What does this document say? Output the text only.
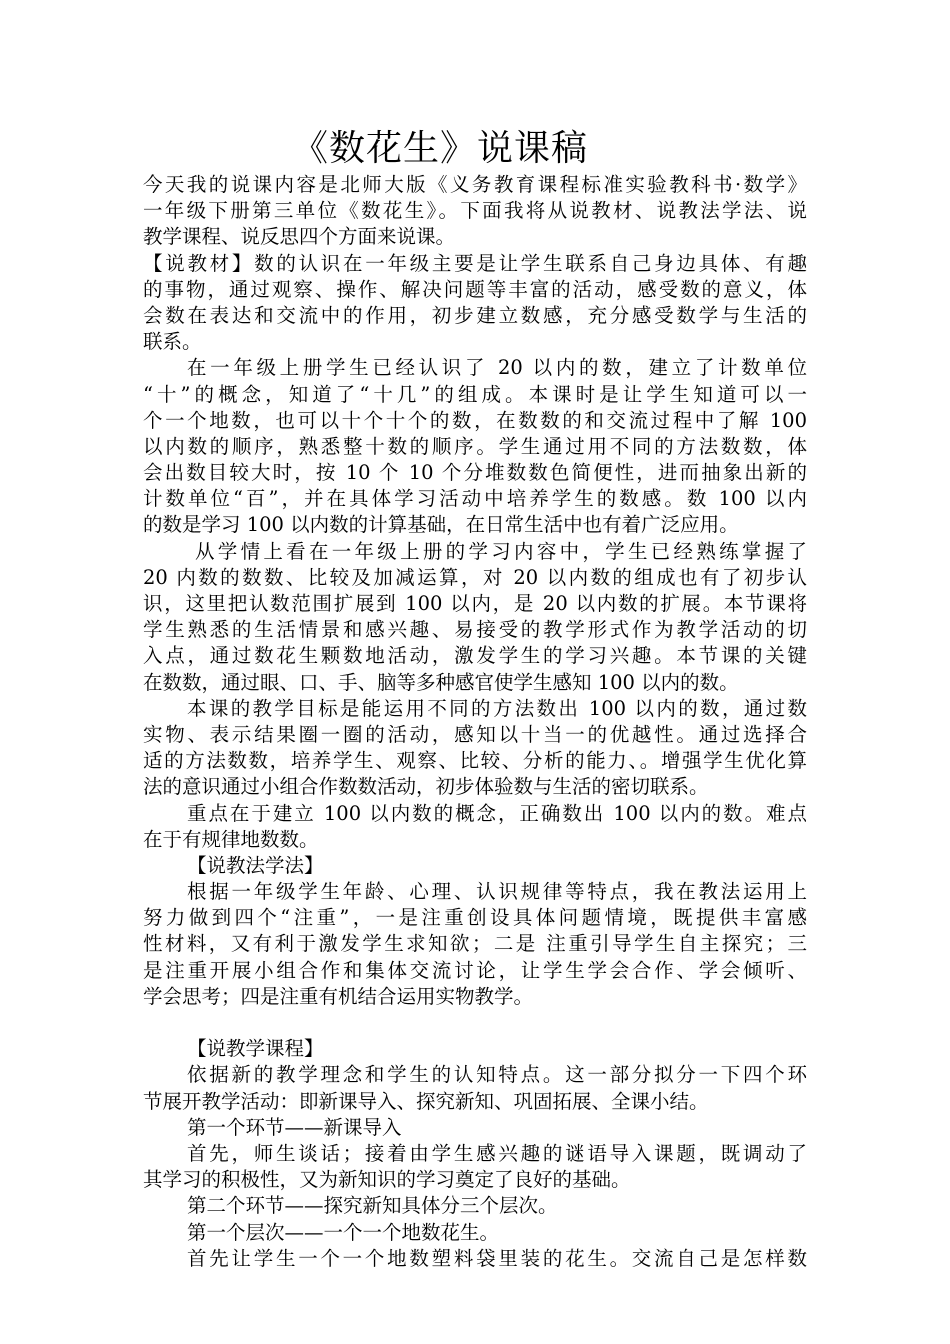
《数花生》说课稿
今天我的说课内容是北师大版《义务教育课程标准实验教科书·数学》
一年级下册第三单位《数花生》。下面我将从说教材、说教法学法、说
教学课程、说反思四个方面来说课。
【说教材】数的认识在一年级主要是让学生联系自己身边具体、有趣
的事物，通过观察、操作、解决问题等丰富的活动，感受数的意义，体
会数在表达和交流中的作用，初步建立数感，充分感受数学与生活的
联系。
在一年级上册学生已经认识了 20 以内的数，建立了计数单位
“十”的概念，知道了“十几”的组成。本课时是让学生知道可以一
个一个地数，也可以十个十个的数，在数数的和交流过程中了解 100
以内数的顺序，熟悉整十数的顺序。学生通过用不同的方法数数，体
会出数目较大时，按 10 个 10 个分堆数数色简便性，进而抽象出新的
计数单位“百”，并在具体学习活动中培养学生的数感。数 100 以内
的数是学习 100 以内数的计算基础，在日常生活中也有着广泛应用。
从学情上看在一年级上册的学习内容中，学生已经熟练掌握了
20 内数的数数、比较及加减运算，对 20 以内数的组成也有了初步认
识，这里把认数范围扩展到 100 以内，是 20 以内数的扩展。本节课将
学生熟悉的生活情景和感兴趣、易接受的教学形式作为教学活动的切
入点，通过数花生颗数地活动，激发学生的学习兴趣。本节课的关键
在数数，通过眼、口、手、脑等多种感官使学生感知 100 以内的数。
本课的教学目标是能运用不同的方法数出 100 以内的数，通过数
实物、表示结果圈一圈的活动，感知以十当一的优越性。通过选择合
适的方法数数，培养学生、观察、比较、分析的能力、。增强学生优化算
法的意识通过小组合作数数活动，初步体验数与生活的密切联系。
重点在于建立 100 以内数的概念，正确数出 100 以内的数。难点
在于有规律地数数。
【说教法学法】
根据一年级学生年龄、心理、认识规律等特点，我在教法运用上
努力做到四个“注重”，一是注重创设具体问题情境，既提供丰富感
性材料，又有利于激发学生求知欲；二是 注重引导学生自主探究；三
是注重开展小组合作和集体交流讨论，让学生学会合作、学会倾听、
学会思考；四是注重有机结合运用实物教学。
【说教学课程】
依据新的教学理念和学生的认知特点。这一部分拟分一下四个环
节展开教学活动：即新课导入、探究新知、巩固拓展、全课小结。
第一个环节——新课导入
首先，师生谈话；接着由学生感兴趣的谜语导入课题，既调动了
其学习的积极性，又为新知识的学习奠定了良好的基础。
第二个环节——探究新知具体分三个层次。
第一个层次——一个一个地数花生。
首先让学生一个一个地数塑料袋里装的花生。交流自己是怎样数
